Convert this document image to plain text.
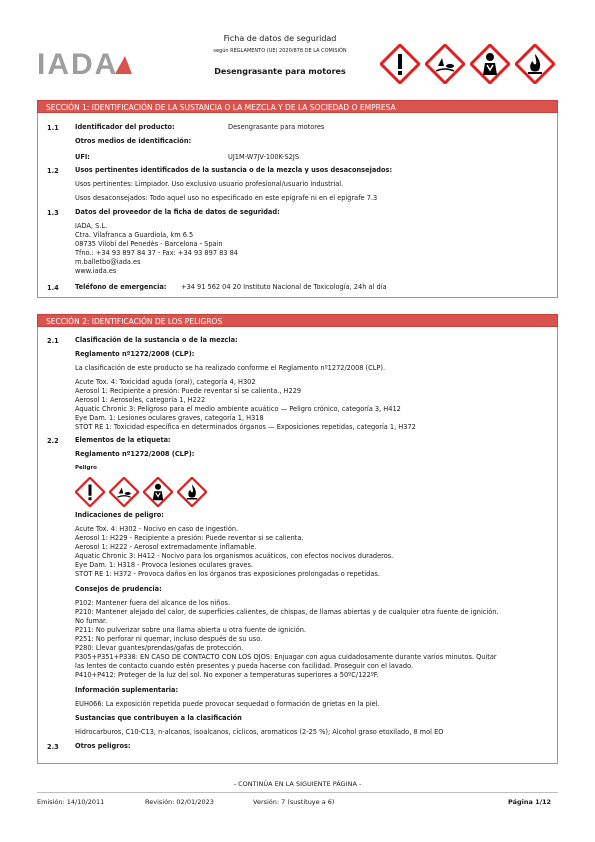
IADA
Ficha de datos de seguridad
según REGLAMENTO (UE) 2020/878 DE LA COMISIÓN
Desengrasante para motores
SECCIÓN 1: IDENTIFICACIÓN DE LA SUSTANCIA O LA MEZCLA Y DE LA SOCIEDAD O EMPRESA
1.1 Identificador del producto:	Desengrasante para motores
Otros medios de identificación:
UFI:	UJ1M-W7JV-100K-S2JS
1.2 Usos pertinentes identificados de la sustancia o de la mezcla y usos desaconsejados:
Usos pertinentes: Limpiador. Uso exclusivo usuario profesional/usuario industrial.
Usos desaconsejados: Todo aquel uso no especificado en este epígrafe ni en el epígrafe 7.3
1.3 Datos del proveedor de la ficha de datos de seguridad:
IADA, S.L.
Ctra. Vilafranca a Guardiola, km 6.5
08735 Vilobí del Penedès - Barcelona - Spain
Tfno.: +34 93 897 84 37 - Fax: +34 93 897 83 84
m.balletbo@iada.es
www.iada.es
1.4 Teléfono de emergencia: +34 91 562 04 20 Instituto Nacional de Toxicología, 24h al día
SECCIÓN 2: IDENTIFICACIÓN DE LOS PELIGROS
2.1 Clasificación de la sustancia o de la mezcla:
Reglamento nº1272/2008 (CLP):
La clasificación de este producto se ha realizado conforme el Reglamento nº1272/2008 (CLP).
Acute Tox. 4: Toxicidad aguda (oral), categoría 4, H302
Aerosol 1: Recipiente a presión: Puede reventar si se calienta., H229
Aerosol 1: Aerosoles, categoría 1, H222
Aquatic Chronic 3: Peligroso para el medio ambiente acuático — Peligro crónico, categoría 3, H412
Eye Dam. 1: Lesiones oculares graves, categoría 1, H318
STOT RE 1: Toxicidad específica en determinados órganos — Exposiciones repetidas, categoría 1, H372
2.2 Elementos de la etiqueta:
Reglamento nº1272/2008 (CLP):
Peligro
Indicaciones de peligro:
Acute Tox. 4: H302 - Nocivo en caso de ingestión.
Aerosol 1: H229 - Recipiente a presión: Puede reventar si se calienta.
Aerosol 1: H222 - Aerosol extremadamente inflamable.
Aquatic Chronic 3: H412 - Nocivo para los organismos acuáticos, con efectos nocivos duraderos.
Eye Dam. 1: H318 - Provoca lesiones oculares graves.
STOT RE 1: H372 - Provoca daños en los órganos tras exposiciones prolongadas o repetidas.
Consejos de prudencia:
P102: Mantener fuera del alcance de los niños.
P210: Mantener alejado del calor, de superficies calientes, de chispas, de llamas abiertas y de cualquier otra fuente de ignición.
No fumar.
P211: No pulverizar sobre una llama abierta u otra fuente de ignición.
P251: No perforar ni quemar, incluso después de su uso.
P280: Llevar guantes/prendas/gafas de protección.
P305+P351+P338: EN CASO DE CONTACTO CON LOS OJOS: Enjuagar con agua cuidadosamente durante varios minutos. Quitar
las lentes de contacto cuando estén presentes y pueda hacerse con facilidad. Proseguir con el lavado.
P410+P412: Proteger de la luz del sol. No exponer a temperaturas superiores a 50ºC/122ºF.
Información suplementaria:
EUH066: La exposición repetida puede provocar sequedad o formación de grietas en la piel.
Sustancias que contribuyen a la clasificación
Hidrocarburos, C10-C13, n-alcanos, isoalcanos, cíclicos, aromaticos (2-25 %); Alcohol graso etoxilado, 8 mol EO
2.3 Otros peligros:
- CONTINÚA EN LA SIGUIENTE PÁGINA -
Emisión: 14/10/2011	Revisión: 02/01/2023	Versión: 7 (sustituye a 6)	Página 1/12
